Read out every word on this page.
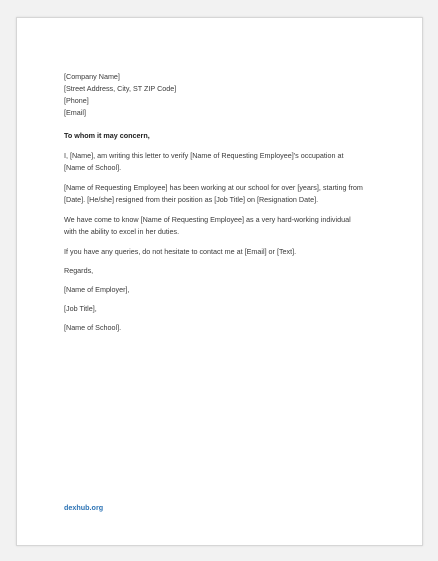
[Company Name]
[Street Address, City, ST ZIP Code]
[Phone]
[Email]
To whom it may concern,
I, [Name], am writing this letter to verify [Name of Requesting Employee]’s occupation at [Name of School].
[Name of Requesting Employee] has been working at our school for over [years], starting from [Date]. [He/she] resigned from their position as [Job Title] on [Resignation Date].
We have come to know [Name of Requesting Employee] as a very hard-working individual with the ability to excel in her duties.
If you have any queries, do not hesitate to contact me at [Email] or [Text].
Regards,
[Name of Employer],
[Job Title],
[Name of School].
dexhub.org
